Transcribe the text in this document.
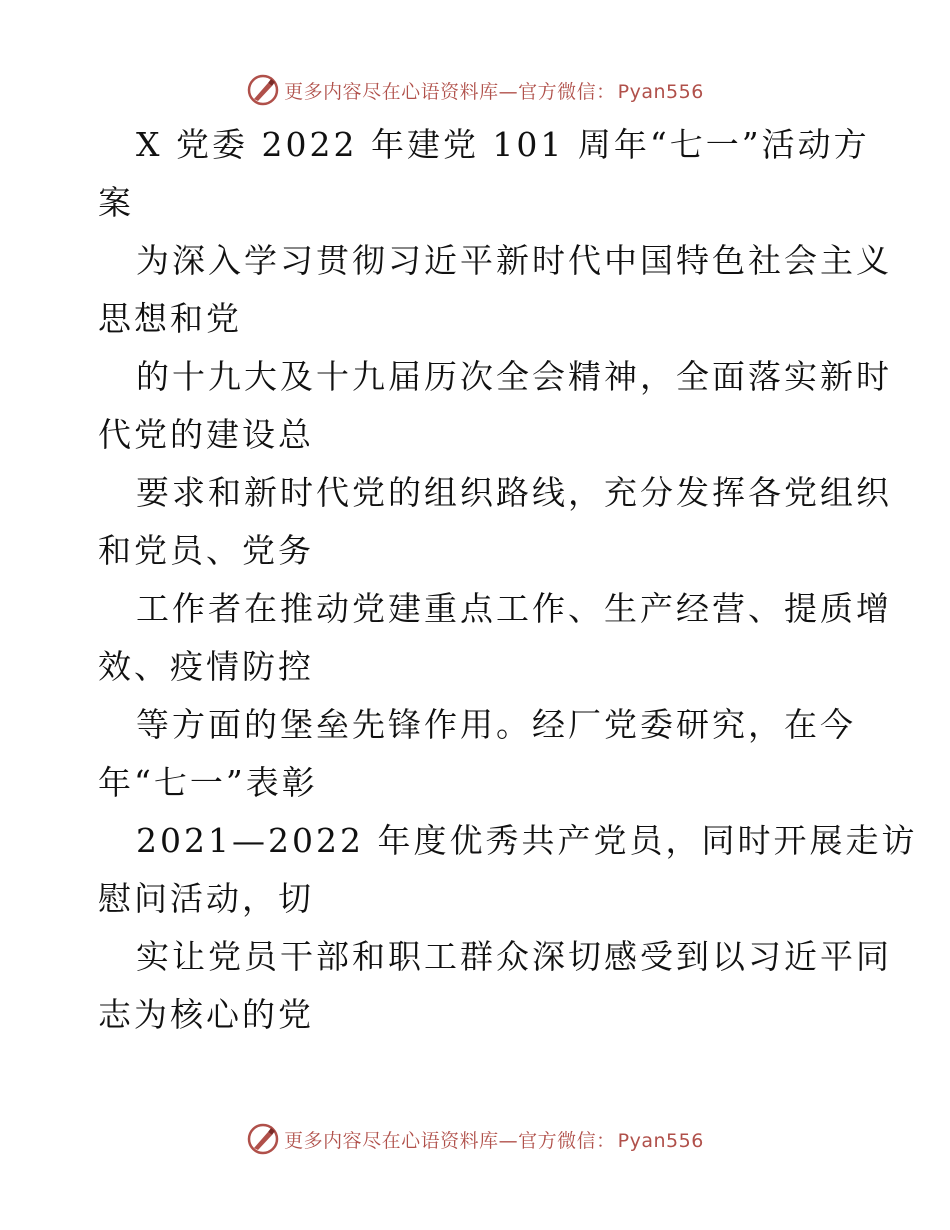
更多内容尽在心语资料库—官方微信： Pyan556
X 党委 2022 年建党 101 周年“七一”活动方
案
为深入学习贯彻习近平新时代中国特色社会主义
思想和党
的十九大及十九届历次全会精神，全面落实新时
代党的建设总
要求和新时代党的组织路线，充分发挥各党组织
和党员、党务
工作者在推动党建重点工作、生产经营、提质增
效、疫情防控
等方面的堡垒先锋作用。经厂党委研究，在今
年“七一”表彰
2021—2022 年度优秀共产党员，同时开展走访
慰问活动，切
实让党员干部和职工群众深切感受到以习近平同
志为核心的党
更多内容尽在心语资料库—官方微信： Pyan556
